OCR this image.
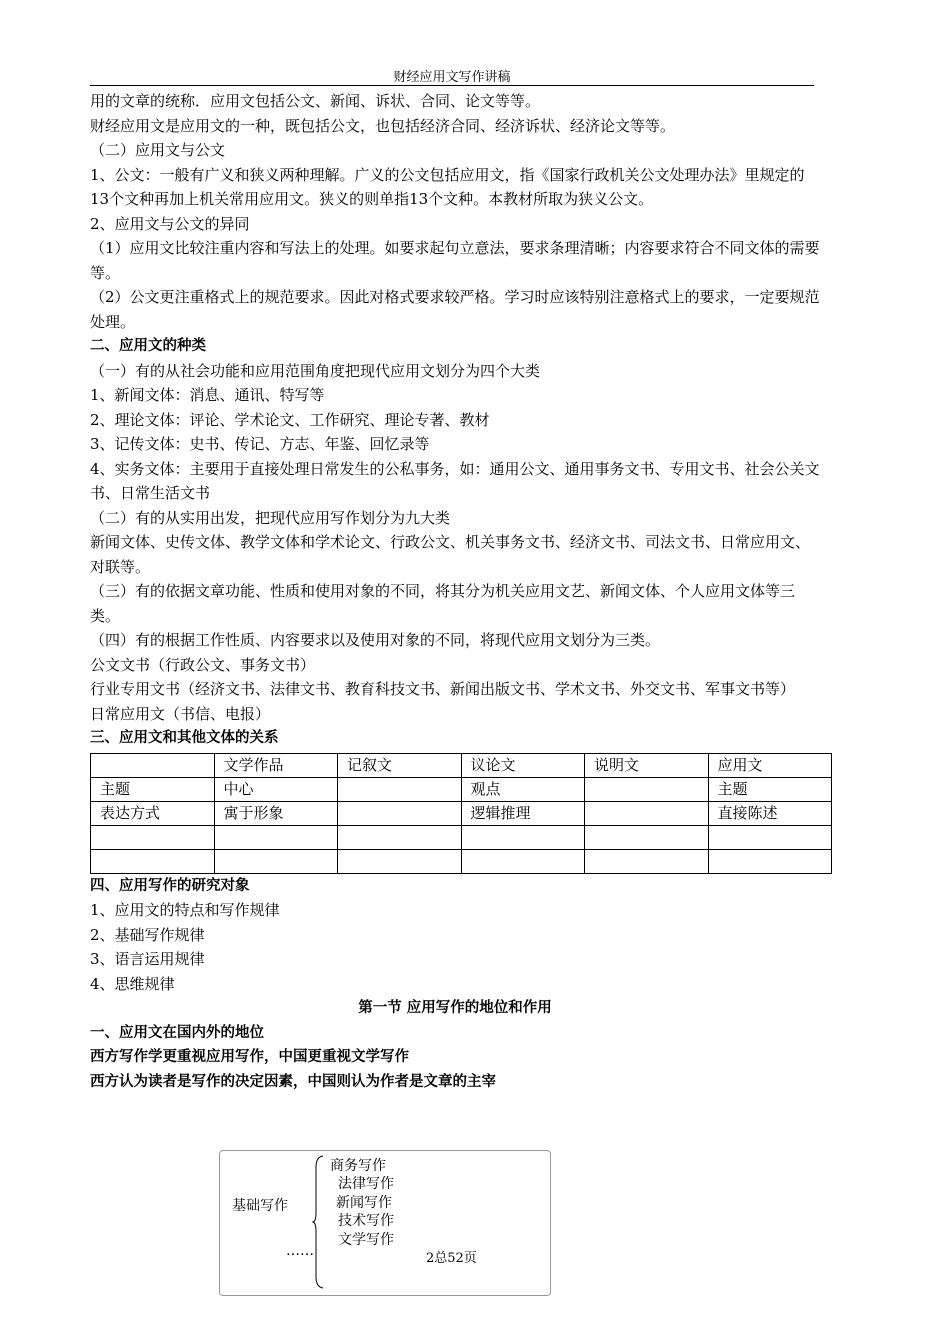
财经应用文写作讲稿

用的文章的统称．应用文包括公文、新闻、诉状、合同、论文等等。

财经应用文是应用文的一种，既包括公文，也包括经济合同、经济诉状、经济论文等等。

（二）应用文与公文

1、公文：一般有广义和狭义两种理解。广义的公文包括应用文，指《国家行政机关公文处理办法》里规定的13个文种再加上机关常用应用文。狭义的则单指13个文种。本教材所取为狭义公文。

2、应用文与公文的异同

（1）应用文比较注重内容和写法上的处理。如要求起句立意法，要求条理清晰；内容要求符合不同文体的需要等。

（2）公文更注重格式上的规范要求。因此对格式要求较严格。学习时应该特别注意格式上的要求，一定要规范处理。

二、应用文的种类

（一）有的从社会功能和应用范围角度把现代应用文划分为四个大类

1、新闻文体：消息、通讯、特写等

2、理论文体：评论、学术论文、工作研究、理论专著、教材

3、记传文体：史书、传记、方志、年鉴、回忆录等

4、实务文体：主要用于直接处理日常发生的公私事务，如：通用公文、通用事务文书、专用文书、社会公关文书、日常生活文书

（二）有的从实用出发，把现代应用写作划分为九大类

新闻文体、史传文体、教学文体和学术论文、行政公文、机关事务文书、经济文书、司法文书、日常应用文、对联等。

（三）有的依据文章功能、性质和使用对象的不同，将其分为机关应用文艺、新闻文体、个人应用文体等三类。

（四）有的根据工作性质、内容要求以及使用对象的不同，将现代应用文划分为三类。

公文文书（行政公文、事务文书）

行业专用文书（经济文书、法律文书、教育科技文书、新闻出版文书、学术文书、外交文书、军事文书等）

日常应用文（书信、电报）

三、应用文和其他文体的关系

	文学作品	记叙文	议论文	说明文	应用文
主题	中心		观点		主题
表达方式	寓于形象		逻辑推理		直接陈述

四、应用写作的研究对象

1、应用文的特点和写作规律

2、基础写作规律

3、语言运用规律

4、思维规律

第一节 应用写作的地位和作用

一、应用文在国内外的地位

西方写作学更重视应用写作，中国更重视文学写作

西方认为读者是写作的决定因素，中国则认为作者是文章的主宰

基础写作
商务写作
法律写作
新闻写作
技术写作
文学写作
……	2总52页
